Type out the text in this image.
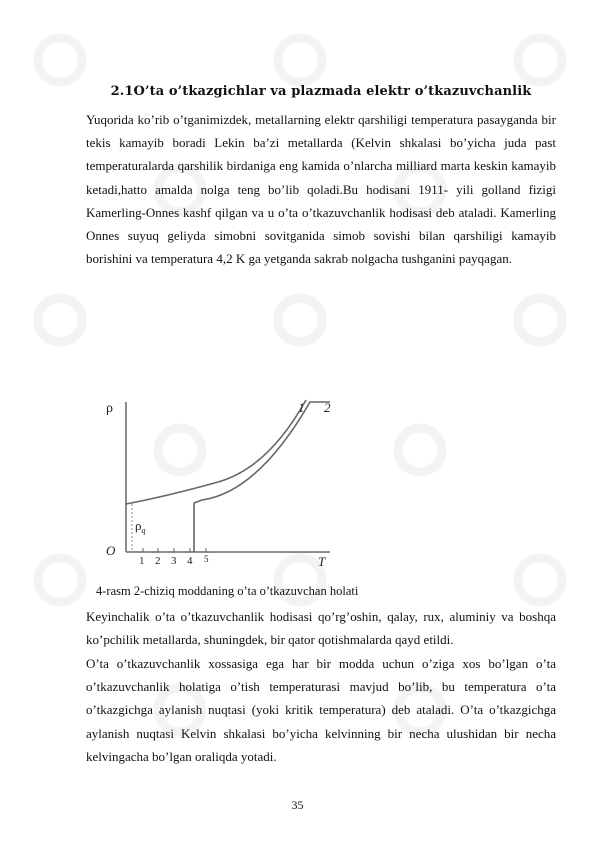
2.1O’ta o’tkazgichlar va plazmada elektr o’tkazuvchanlik
Yuqorida ko’rib o’tganimizdek, metallarning elektr qarshiligi temperatura pasayganda bir tekis kamayib boradi Lekin ba’zi metallarda (Kelvin shkalasi bo’yicha juda past temperaturalarda qarshilik birdaniga eng kamida o’nlarcha milliard marta keskin kamayib ketadi,hatto amalda nolga teng bo’lib qoladi.Bu hodisani 1911- yili golland fizigi Kamerling-Onnes kashf qilgan va u o’ta o’tkazuvchanlik hodisasi deb ataladi. Kamerling Onnes suyuq geliyda simobni sovitganida simob sovishi bilan qarshiligi kamayib borishini va temperatura 4,2 K ga yetganda sakrab nolgacha tushganini payqagan.
ρ
T
O
$\rho_q$
1 2
1 2 3 4 5
4-rasm 2-chiziq moddaning o’ta o’tkazuvchan holati
Keyinchalik o’ta o’tkazuvchanlik hodisasi qo’rg’oshin, qalay, rux, aluminiy va boshqa ko’pchilik metallarda, shuningdek, bir qator qotishmalarda qayd etildi.
O’ta o’tkazuvchanlik xossasiga ega har bir modda uchun o’ziga xos bo’lgan o’ta o’tkazuvchanlik holatiga o’tish temperaturasi mavjud bo’lib, bu temperatura o’ta o’tkazgichga aylanish nuqtasi (yoki kritik temperatura) deb ataladi. O’ta o’tkazgichga aylanish nuqtasi Kelvin shkalasi bo’yicha kelvinning bir necha ulushidan bir necha kelvingacha bo’lgan oraliqda yotadi.
35
